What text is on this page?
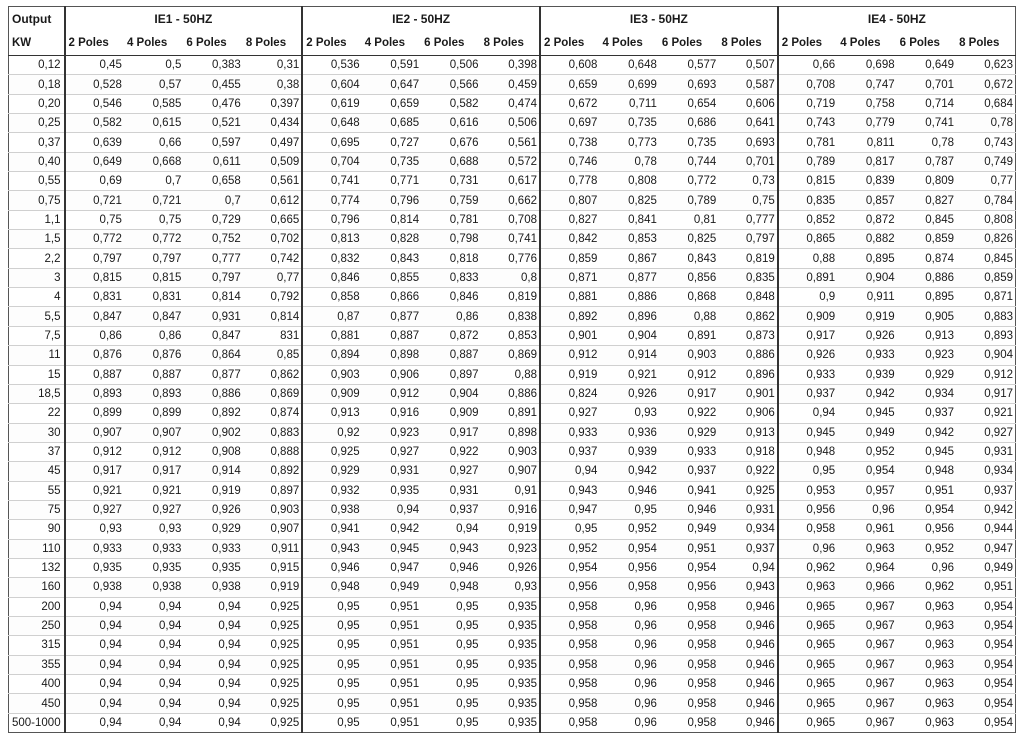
Output	IE1 - 50HZ				IE2 - 50HZ				IE3 - 50HZ				IE4 - 50HZ			
KW	2 Poles	4 Poles	6 Poles	8 Poles	2 Poles	4 Poles	6 Poles	8 Poles	2 Poles	4 Poles	6 Poles	8 Poles	2 Poles	4 Poles	6 Poles	8 Poles
0,12	0,45	0,5	0,383	0,31	0,536	0,591	0,506	0,398	0,608	0,648	0,577	0,507	0,66	0,698	0,649	0,623
0,18	0,528	0,57	0,455	0,38	0,604	0,647	0,566	0,459	0,659	0,699	0,693	0,587	0,708	0,747	0,701	0,672
0,20	0,546	0,585	0,476	0,397	0,619	0,659	0,582	0,474	0,672	0,711	0,654	0,606	0,719	0,758	0,714	0,684
0,25	0,582	0,615	0,521	0,434	0,648	0,685	0,616	0,506	0,697	0,735	0,686	0,641	0,743	0,779	0,741	0,78
0,37	0,639	0,66	0,597	0,497	0,695	0,727	0,676	0,561	0,738	0,773	0,735	0,693	0,781	0,811	0,78	0,743
0,40	0,649	0,668	0,611	0,509	0,704	0,735	0,688	0,572	0,746	0,78	0,744	0,701	0,789	0,817	0,787	0,749
0,55	0,69	0,7	0,658	0,561	0,741	0,771	0,731	0,617	0,778	0,808	0,772	0,73	0,815	0,839	0,809	0,77
0,75	0,721	0,721	0,7	0,612	0,774	0,796	0,759	0,662	0,807	0,825	0,789	0,75	0,835	0,857	0,827	0,784
1,1	0,75	0,75	0,729	0,665	0,796	0,814	0,781	0,708	0,827	0,841	0,81	0,777	0,852	0,872	0,845	0,808
1,5	0,772	0,772	0,752	0,702	0,813	0,828	0,798	0,741	0,842	0,853	0,825	0,797	0,865	0,882	0,859	0,826
2,2	0,797	0,797	0,777	0,742	0,832	0,843	0,818	0,776	0,859	0,867	0,843	0,819	0,88	0,895	0,874	0,845
3	0,815	0,815	0,797	0,77	0,846	0,855	0,833	0,8	0,871	0,877	0,856	0,835	0,891	0,904	0,886	0,859
4	0,831	0,831	0,814	0,792	0,858	0,866	0,846	0,819	0,881	0,886	0,868	0,848	0,9	0,911	0,895	0,871
5,5	0,847	0,847	0,931	0,814	0,87	0,877	0,86	0,838	0,892	0,896	0,88	0,862	0,909	0,919	0,905	0,883
7,5	0,86	0,86	0,847	831	0,881	0,887	0,872	0,853	0,901	0,904	0,891	0,873	0,917	0,926	0,913	0,893
11	0,876	0,876	0,864	0,85	0,894	0,898	0,887	0,869	0,912	0,914	0,903	0,886	0,926	0,933	0,923	0,904
15	0,887	0,887	0,877	0,862	0,903	0,906	0,897	0,88	0,919	0,921	0,912	0,896	0,933	0,939	0,929	0,912
18,5	0,893	0,893	0,886	0,869	0,909	0,912	0,904	0,886	0,824	0,926	0,917	0,901	0,937	0,942	0,934	0,917
22	0,899	0,899	0,892	0,874	0,913	0,916	0,909	0,891	0,927	0,93	0,922	0,906	0,94	0,945	0,937	0,921
30	0,907	0,907	0,902	0,883	0,92	0,923	0,917	0,898	0,933	0,936	0,929	0,913	0,945	0,949	0,942	0,927
37	0,912	0,912	0,908	0,888	0,925	0,927	0,922	0,903	0,937	0,939	0,933	0,918	0,948	0,952	0,945	0,931
45	0,917	0,917	0,914	0,892	0,929	0,931	0,927	0,907	0,94	0,942	0,937	0,922	0,95	0,954	0,948	0,934
55	0,921	0,921	0,919	0,897	0,932	0,935	0,931	0,91	0,943	0,946	0,941	0,925	0,953	0,957	0,951	0,937
75	0,927	0,927	0,926	0,903	0,938	0,94	0,937	0,916	0,947	0,95	0,946	0,931	0,956	0,96	0,954	0,942
90	0,93	0,93	0,929	0,907	0,941	0,942	0,94	0,919	0,95	0,952	0,949	0,934	0,958	0,961	0,956	0,944
110	0,933	0,933	0,933	0,911	0,943	0,945	0,943	0,923	0,952	0,954	0,951	0,937	0,96	0,963	0,952	0,947
132	0,935	0,935	0,935	0,915	0,946	0,947	0,946	0,926	0,954	0,956	0,954	0,94	0,962	0,964	0,96	0,949
160	0,938	0,938	0,938	0,919	0,948	0,949	0,948	0,93	0,956	0,958	0,956	0,943	0,963	0,966	0,962	0,951
200	0,94	0,94	0,94	0,925	0,95	0,951	0,95	0,935	0,958	0,96	0,958	0,946	0,965	0,967	0,963	0,954
250	0,94	0,94	0,94	0,925	0,95	0,951	0,95	0,935	0,958	0,96	0,958	0,946	0,965	0,967	0,963	0,954
315	0,94	0,94	0,94	0,925	0,95	0,951	0,95	0,935	0,958	0,96	0,958	0,946	0,965	0,967	0,963	0,954
355	0,94	0,94	0,94	0,925	0,95	0,951	0,95	0,935	0,958	0,96	0,958	0,946	0,965	0,967	0,963	0,954
400	0,94	0,94	0,94	0,925	0,95	0,951	0,95	0,935	0,958	0,96	0,958	0,946	0,965	0,967	0,963	0,954
450	0,94	0,94	0,94	0,925	0,95	0,951	0,95	0,935	0,958	0,96	0,958	0,946	0,965	0,967	0,963	0,954
500-1000	0,94	0,94	0,94	0,925	0,95	0,951	0,95	0,935	0,958	0,96	0,958	0,946	0,965	0,967	0,963	0,954
